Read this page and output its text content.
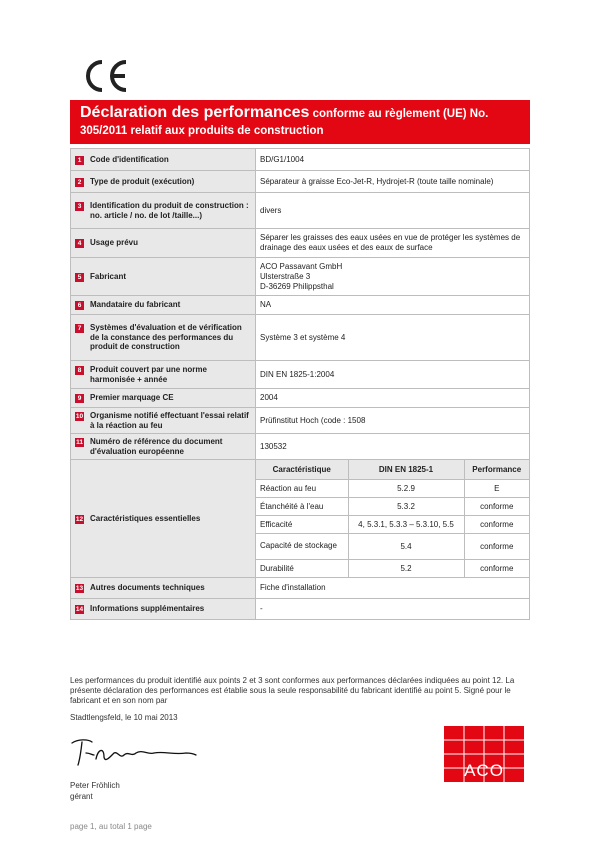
Déclaration des performances conforme au règlement (UE) No.
305/2011 relatif aux produits de construction
1	Code d'identification	BD/G1/1004

2	Type de produit (exécution)	Séparateur à graisse Eco-Jet-R, Hydrojet-R (toute taille nominale)

3	Identification du produit de construction : no. article / no. de lot /taille...)
	divers

4	Usage prévu
	Séparer les graisses des eaux usées en vue de protéger les systèmes de drainage des eaux usées et des eaux de surface

5	Fabricant

ACO Passavant GmbH
Ulsterstraße 3
D-36269 Philippsthal

6	Mandataire du fabricant	NA

7	Systèmes d'évaluation et de vérification de la constance des performances du produit de construction
	Système 3 et système 4

8	Produit couvert par une norme harmonisée + année
	DIN EN 1825-1:2004

9	Premier marquage CE	2004

10 Organisme notifié effectuant l'essai relatif à la réaction au feu
	Prüfinstitut Hoch (code : 1508

11 Numéro de référence du document d'évaluation européenne
	130532

12 Caractéristiques essentielles

Caractéristique	DIN EN 1825-1	Performance
Réaction au feu	5.2.9	E
Étanchéité à l'eau	5.3.2	conforme
Efficacité	4, 5.3.1, 5.3.3 – 5.3.10, 5.5	conforme
Capacité de stockage	5.4	conforme
Durabilité	5.2	conforme

13 Autres documents techniques	Fiche d'installation

14 Informations supplémentaires	-
Les performances du produit identifié aux points 2 et 3 sont conformes aux performances déclarées indiquées au point 12. La présente déclaration des performances est établie sous la seule responsabilité du fabricant identifié au point 5. Signé pour le fabricant et en son nom par
Stadtlengsfeld, le 10 mai 2013
Peter Fröhlich
gérant
page 1, au total 1 page
ACO
